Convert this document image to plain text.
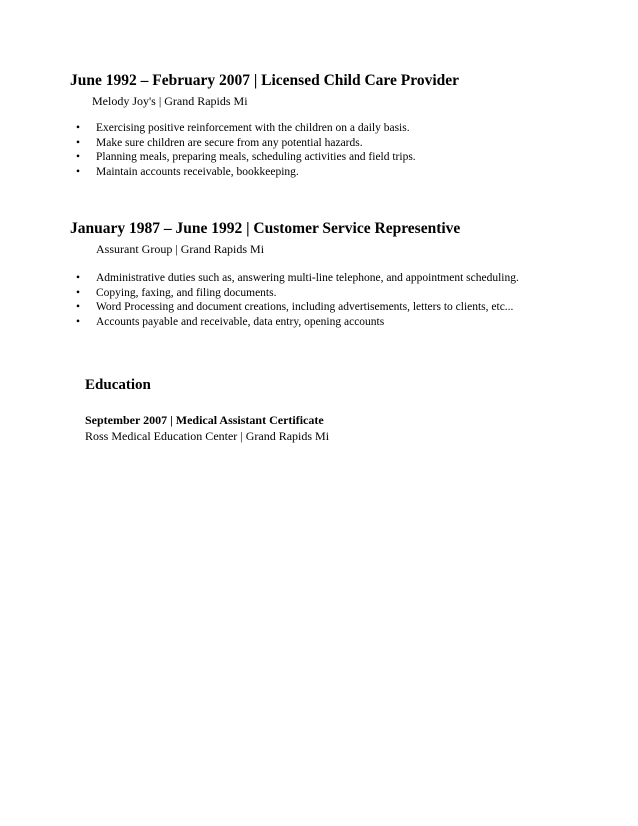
June 1992 – February 2007 | Licensed Child Care Provider
Melody Joy's | Grand Rapids Mi
• Exercising positive reinforcement with the children on a daily basis.
• Make sure children are secure from any potential hazards.
• Planning meals, preparing meals, scheduling activities and field trips.
• Maintain accounts receivable, bookkeeping.
January 1987 – June 1992 | Customer Service Representive
Assurant Group | Grand Rapids Mi
• Administrative duties such as, answering multi-line telephone, and appointment scheduling.
• Copying, faxing, and filing documents.
• Word Processing and document creations, including advertisements, letters to clients, etc...
• Accounts payable and receivable, data entry, opening accounts
Education
September 2007 | Medical Assistant Certificate
Ross Medical Education Center | Grand Rapids Mi
